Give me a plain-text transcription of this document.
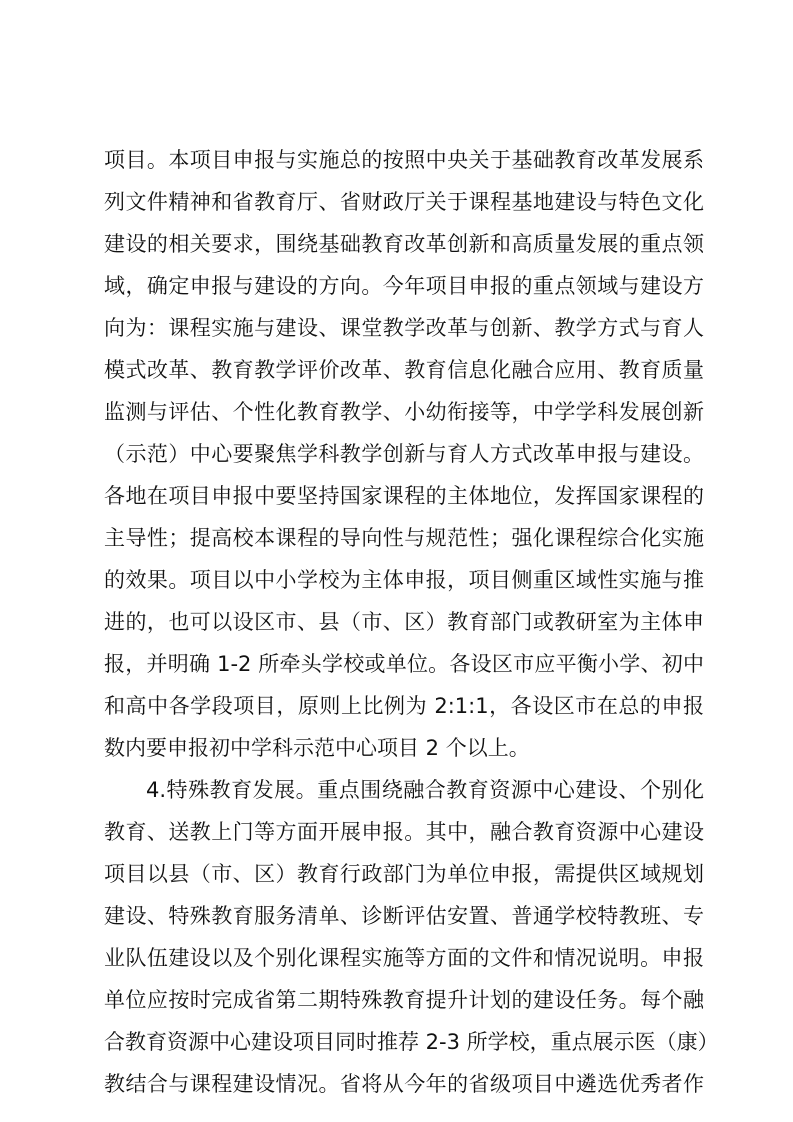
项目。本项目申报与实施总的按照中央关于基础教育改革发展系

列文件精神和省教育厅、省财政厅关于课程基地建设与特色文化

建设的相关要求，围绕基础教育改革创新和高质量发展的重点领

域，确定申报与建设的方向。今年项目申报的重点领域与建设方

向为：课程实施与建设、课堂教学改革与创新、教学方式与育人

模式改革、教育教学评价改革、教育信息化融合应用、教育质量

监测与评估、个性化教育教学、小幼衔接等，中学学科发展创新

（示范）中心要聚焦学科教学创新与育人方式改革申报与建设。

各地在项目申报中要坚持国家课程的主体地位，发挥国家课程的

主导性；提高校本课程的导向性与规范性；强化课程综合化实施

的效果。项目以中小学校为主体申报，项目侧重区域性实施与推

进的，也可以设区市、县（市、区）教育部门或教研室为主体申

报，并明确 1-2 所牵头学校或单位。各设区市应平衡小学、初中

和高中各学段项目，原则上比例为 2:1:1，各设区市在总的申报

数内要申报初中学科示范中心项目 2 个以上。

4.特殊教育发展。重点围绕融合教育资源中心建设、个别化

教育、送教上门等方面开展申报。其中，融合教育资源中心建设

项目以县（市、区）教育行政部门为单位申报，需提供区域规划

建设、特殊教育服务清单、诊断评估安置、普通学校特教班、专

业队伍建设以及个别化课程实施等方面的文件和情况说明。申报

单位应按时完成省第二期特殊教育提升计划的建设任务。每个融

合教育资源中心建设项目同时推荐 2-3 所学校，重点展示医（康）

教结合与课程建设情况。省将从今年的省级项目中遴选优秀者作
